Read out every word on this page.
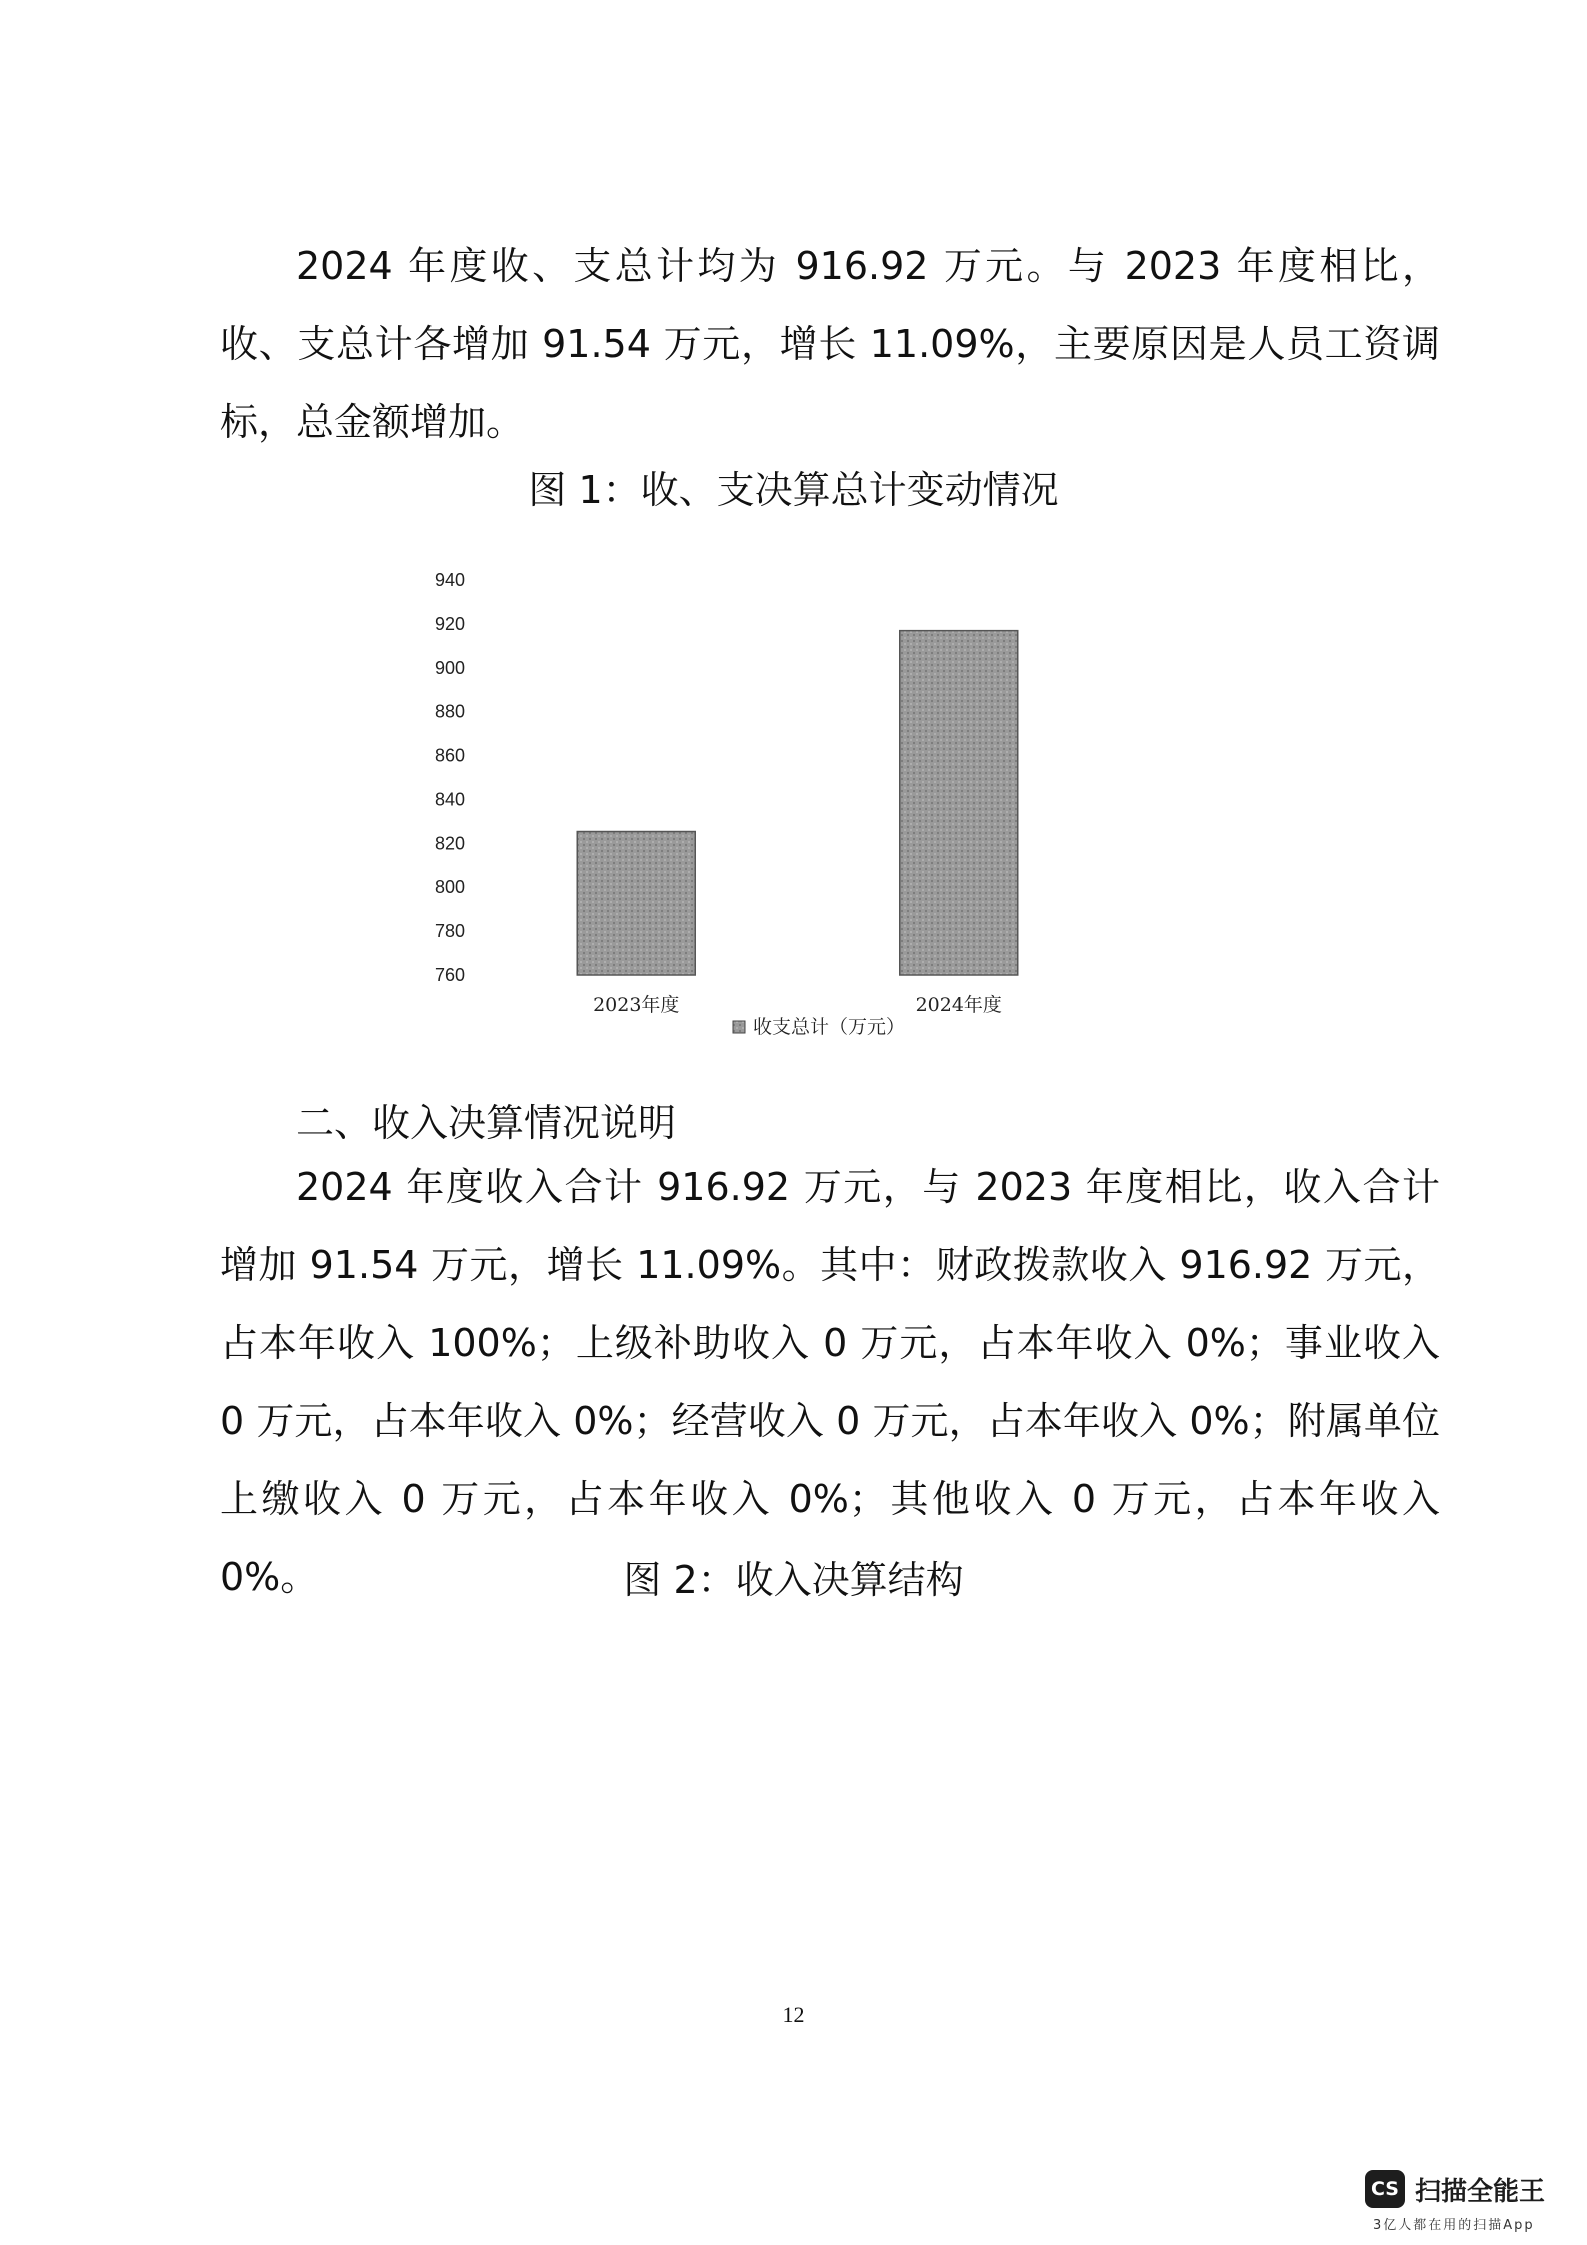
2024 年度收、支总计均为 916.92 万元。与 2023 年度相比，收、支总计各增加 91.54 万元，增长 11.09%，主要原因是人员工资调标，总金额增加。

图 1：收、支决算总计变动情况

760
780
800
820
840
860
880
900
920
940
2023年度	2024年度
收支总计（万元）

二、收入决算情况说明

2024 年度收入合计 916.92 万元，与 2023 年度相比，收入合计增加 91.54 万元，增长 11.09%。其中：财政拨款收入 916.92 万元，占本年收入 100%；上级补助收入 0 万元，占本年收入 0%；事业收入 0 万元，占本年收入 0%；经营收入 0 万元，占本年收入 0%；附属单位上缴收入 0 万元，占本年收入 0%；其他收入 0 万元，占本年收入 0%。	图 2：收入决算结构

12
CS 扫描全能王
3亿人都在用的扫描App
